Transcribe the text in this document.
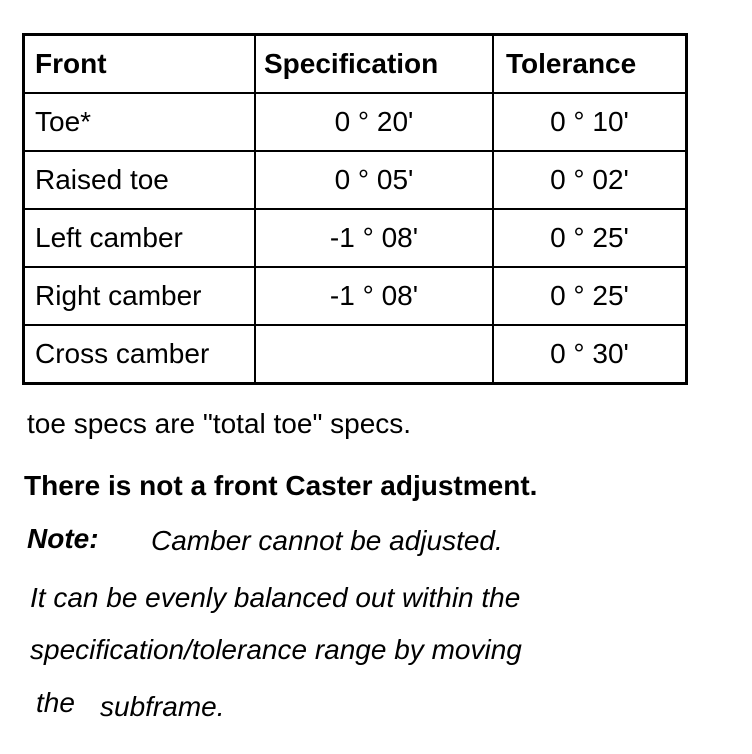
Front	Specification	Tolerance
Toe*	0 ° 20'	0 ° 10'
Raised toe	0 ° 05'	0 ° 02'
Left camber	-1 ° 08'	0 ° 25'
Right camber	-1 ° 08'	0 ° 25'
Cross camber		0 ° 30'
toe specs are "total toe" specs.
There is not a front Caster adjustment.
Note: Camber cannot be adjusted.
It can be evenly balanced out within the
specification/tolerance range by moving
the subframe.
